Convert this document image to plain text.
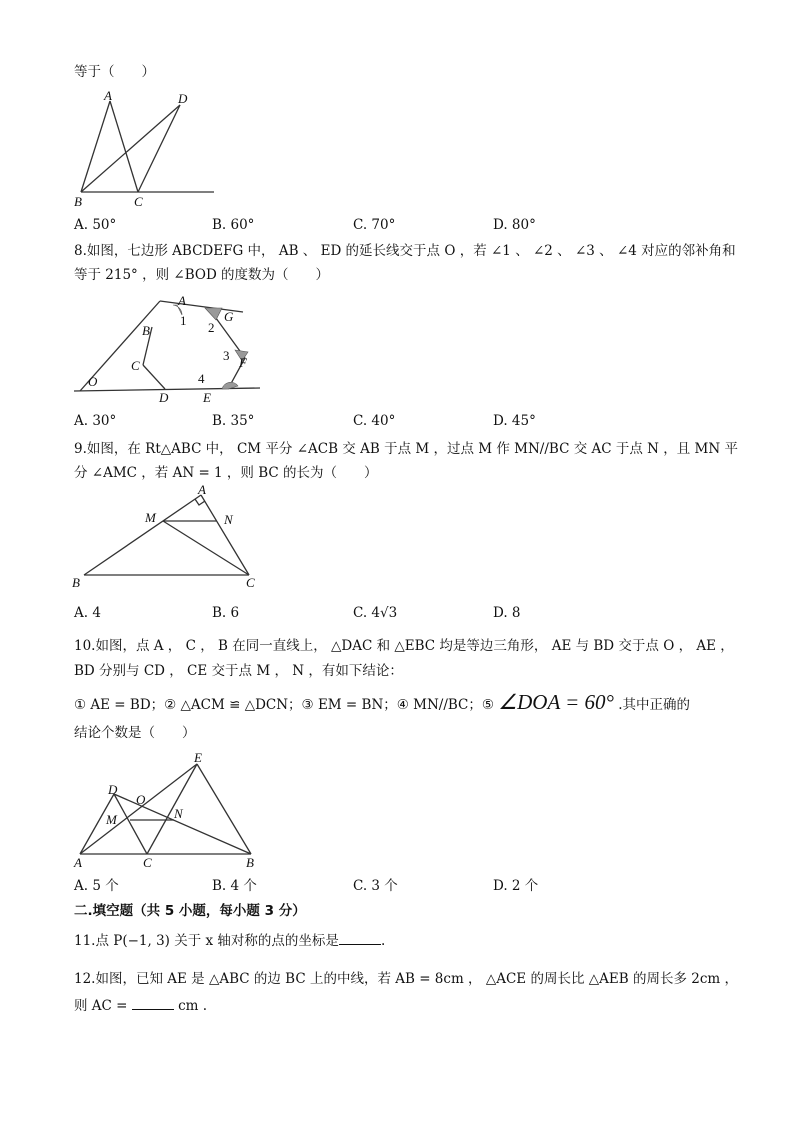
等于（　　）
A	D
B	C
A. 50°	B. 60°	C. 70°	D. 80°
8.如图，七边形 ABCDEFG 中， AB 、 ED 的延长线交于点 O ，若 ∠1 、 ∠2 、 ∠3 、 ∠4 对应的邻补角和
等于 215° ，则 ∠BOD 的度数为（　　）
A
G
B
C	F
O
D	E
1 2
3
4
A. 30°	B. 35°	C. 40°	D. 45°
9.如图，在 Rt△ABC 中， CM 平分 ∠ACB 交 AB 于点 M ，过点 M 作 MN//BC 交 AC 于点 N ，且 MN 平
分 ∠AMC ，若 AN = 1 ，则 BC 的长为（　　）
A
M	N
B	C
A. 4	B. 6	C. 4√3	D. 8
10.如图，点 A ， C ， B 在同一直线上， △DAC 和 △EBC 均是等边三角形， AE 与 BD 交于点 O ， AE ，
BD 分别与 CD ， CE 交于点 M ， N ，有如下结论：
① AE = BD；② △ACM ≌ △DCN；③ EM = BN；④ MN//BC；⑤ ∠DOA = 60° .其中正确的
结论个数是（　　）
E
D
O
M	N
A	C	B
A. 5 个	B. 4 个	C. 3 个	D. 2 个
二.填空题（共 5 小题，每小题 3 分）
11.点 P(−1, 3) 关于 x 轴对称的点的坐标是	.
12.如图，已知 AE 是 △ABC 的边 BC 上的中线，若 AB = 8cm ， △ACE 的周长比 △AEB 的周长多 2cm ，
则 AC =	cm .
